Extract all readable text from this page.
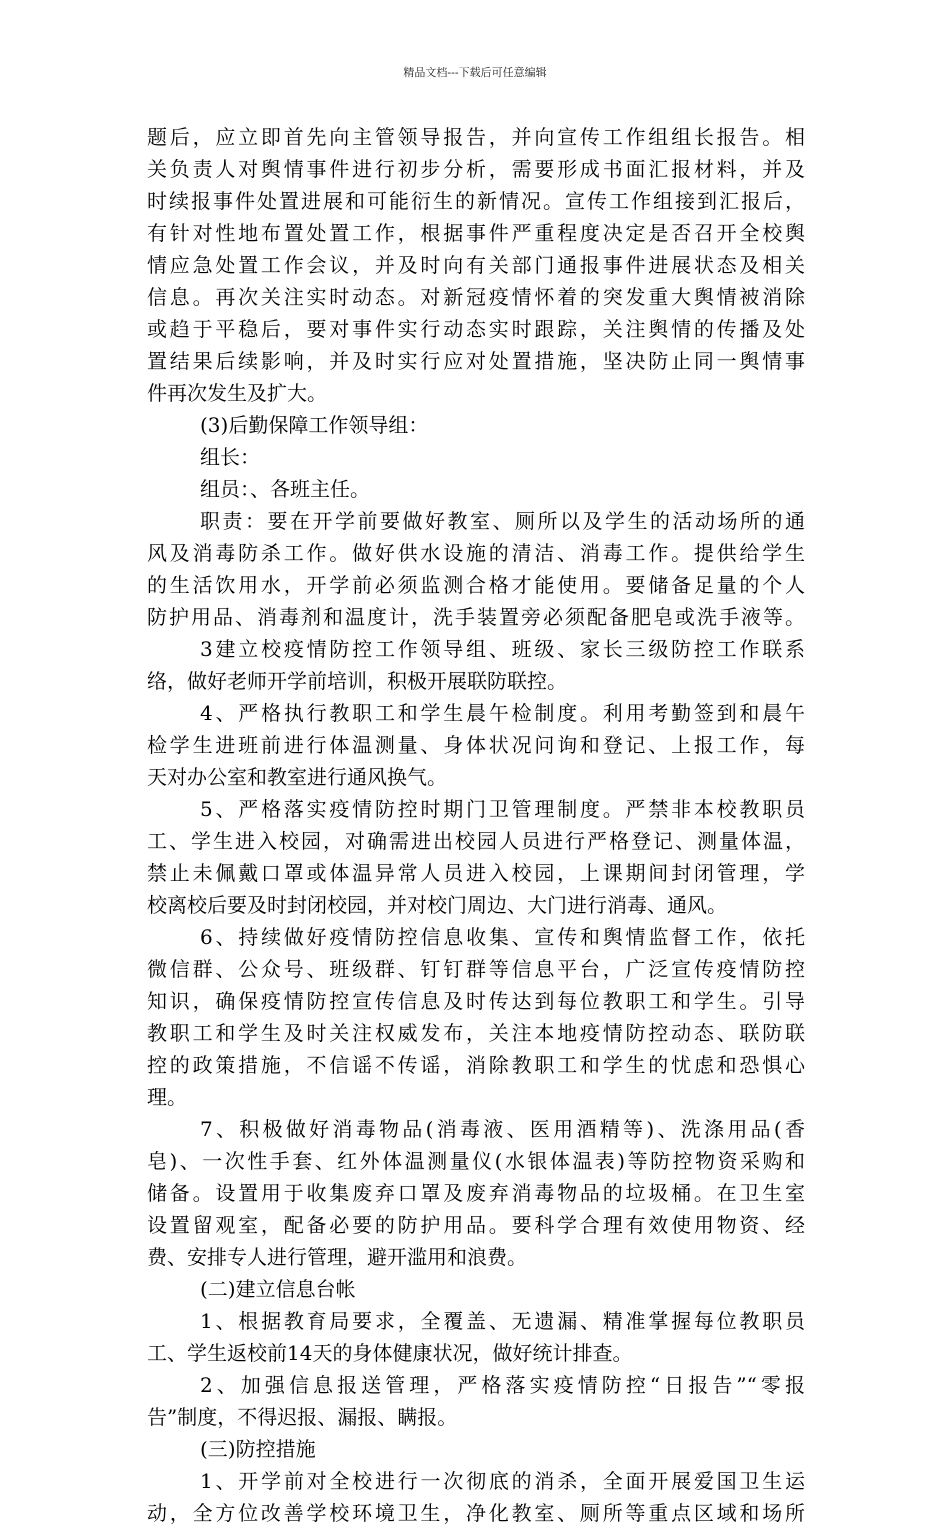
精品文档---下载后可任意编辑
题后，应立即首先向主管领导报告，并向宣传工作组组长报告。相
关负责人对舆情事件进行初步分析，需要形成书面汇报材料，并及
时续报事件处置进展和可能衍生的新情况。宣传工作组接到汇报后，
有针对性地布置处置工作，根据事件严重程度决定是否召开全校舆
情应急处置工作会议，并及时向有关部门通报事件进展状态及相关
信息。再次关注实时动态。对新冠疫情怀着的突发重大舆情被消除
或趋于平稳后，要对事件实行动态实时跟踪，关注舆情的传播及处
置结果后续影响，并及时实行应对处置措施，坚决防止同一舆情事
件再次发生及扩大。
(3)后勤保障工作领导组：
组长：
组员：、各班主任。
职责：要在开学前要做好教室、厕所以及学生的活动场所的通
风及消毒防杀工作。做好供水设施的清洁、消毒工作。提供给学生
的生活饮用水，开学前必须监测合格才能使用。要储备足量的个人
防护用品、消毒剂和温度计，洗手装置旁必须配备肥皂或洗手液等。
3建立校疫情防控工作领导组、班级、家长三级防控工作联系
络，做好老师开学前培训，积极开展联防联控。
4、严格执行教职工和学生晨午检制度。利用考勤签到和晨午
检学生进班前进行体温测量、身体状况问询和登记、上报工作，每
天对办公室和教室进行通风换气。
5、严格落实疫情防控时期门卫管理制度。严禁非本校教职员
工、学生进入校园，对确需进出校园人员进行严格登记、测量体温，
禁止未佩戴口罩或体温异常人员进入校园，上课期间封闭管理，学
校离校后要及时封闭校园，并对校门周边、大门进行消毒、通风。
6、持续做好疫情防控信息收集、宣传和舆情监督工作，依托
微信群、公众号、班级群、钉钉群等信息平台，广泛宣传疫情防控
知识，确保疫情防控宣传信息及时传达到每位教职工和学生。引导
教职工和学生及时关注权威发布，关注本地疫情防控动态、联防联
控的政策措施，不信谣不传谣，消除教职工和学生的忧虑和恐惧心
理。
7、积极做好消毒物品(消毒液、医用酒精等)、洗涤用品(香
皂)、一次性手套、红外体温测量仪(水银体温表)等防控物资采购和
储备。设置用于收集废弃口罩及废弃消毒物品的垃圾桶。在卫生室
设置留观室，配备必要的防护用品。要科学合理有效使用物资、经
费、安排专人进行管理，避开滥用和浪费。
(二)建立信息台帐
1、根据教育局要求，全覆盖、无遗漏、精准掌握每位教职员
工、学生返校前14天的身体健康状况，做好统计排查。
2、加强信息报送管理，严格落实疫情防控“日报告”“零报
告”制度，不得迟报、漏报、瞒报。
(三)防控措施
1、开学前对全校进行一次彻底的消杀，全面开展爱国卫生运
动，全方位改善学校环境卫生，净化教室、厕所等重点区域和场所
